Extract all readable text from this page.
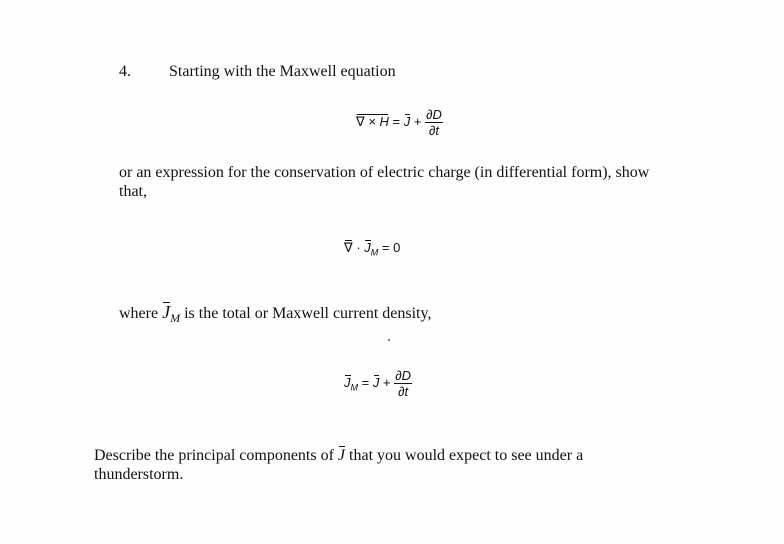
4. Starting with the Maxwell equation
∇ × $H = J + \frac{\partial D}{\partial t}$
or an expression for the conservation of electric charge (in differential form), show that,
∇ · $J_M = 0$
where $J_M$ is the total or Maxwell current density,
$J_M = J + \frac{\partial D}{\partial t}$
Describe the principal components of J that you would expect to see under a thunderstorm.
